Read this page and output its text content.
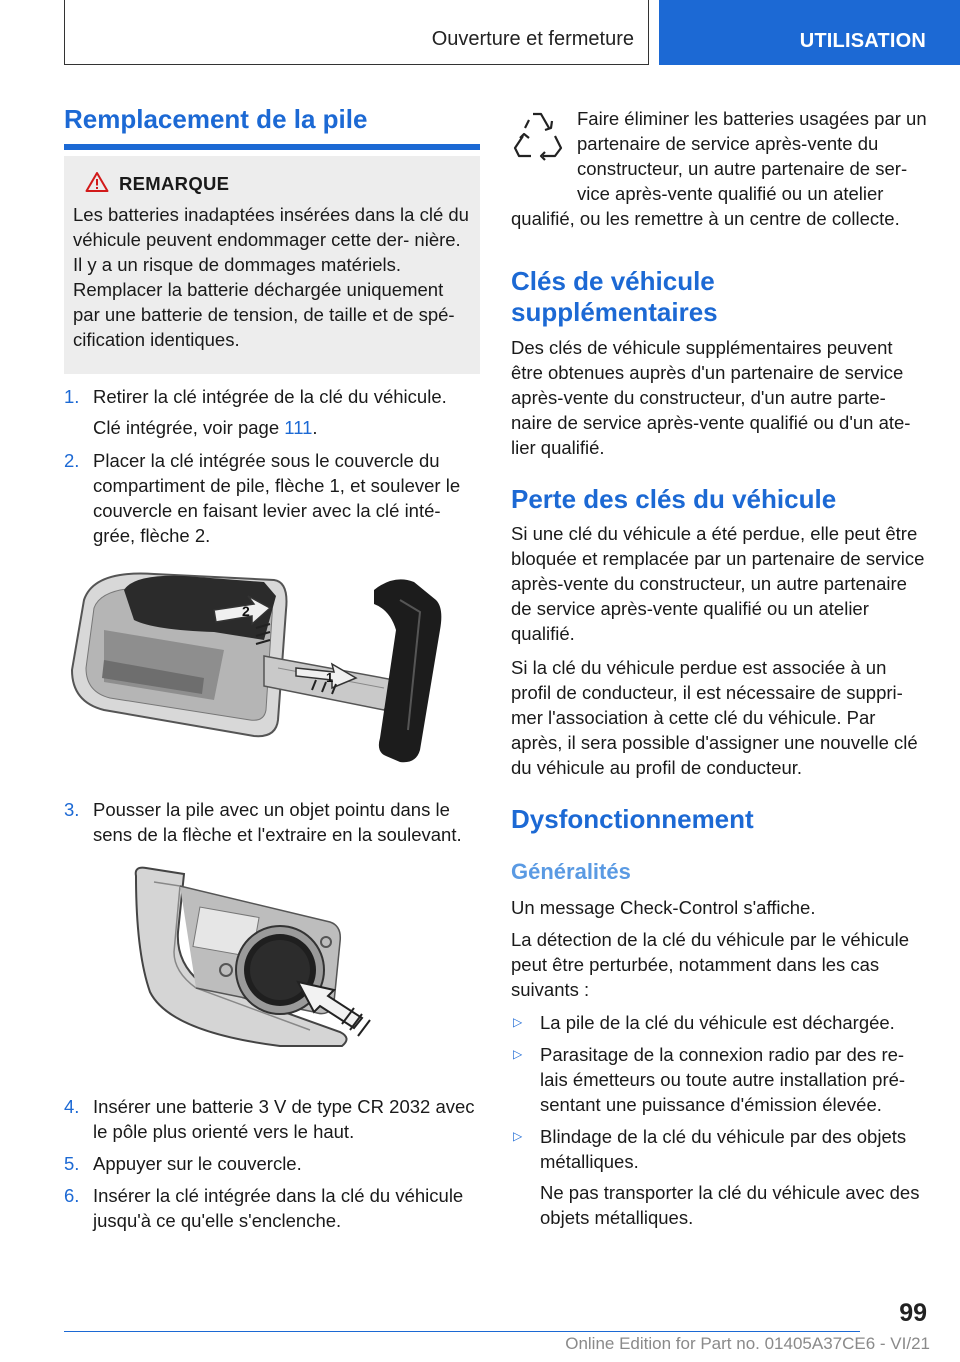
Ouverture et fermeture	UTILISATION
Remplacement de la pile
REMARQUE
Les batteries inadaptées insérées dans la clé du véhicule peuvent endommager cette der- nière. Il y a un risque de dommages matériels. Remplacer la batterie déchargée uniquement par une batterie de tension, de taille et de spé- cification identiques.
1. Retirer la clé intégrée de la clé du véhicule.
Clé intégrée, voir page 111.
2. Placer la clé intégrée sous le couvercle du compartiment de pile, flèche 1, et soulever le couvercle en faisant levier avec la clé inté- grée, flèche 2.
2
1
3. Pousser la pile avec un objet pointu dans le sens de la flèche et l'extraire en la soulevant.
4. Insérer une batterie 3 V de type CR 2032 avec le pôle plus orienté vers le haut.
5. Appuyer sur le couvercle.
6. Insérer la clé intégrée dans la clé du véhicule jusqu'à ce qu'elle s'enclenche.
Faire éliminer les batteries usagées par un partenaire de service après-vente du constructeur, un autre partenaire de ser- vice après-vente qualifié ou un atelier qualifié, ou les remettre à un centre de collecte.
Clés de véhicule
supplémentaires
Des clés de véhicule supplémentaires peuvent être obtenues auprès d'un partenaire de service après-vente du constructeur, d'un autre parte- naire de service après-vente qualifié ou d'un ate- lier qualifié.
Perte des clés du véhicule
Si une clé du véhicule a été perdue, elle peut être bloquée et remplacée par un partenaire de service après-vente du constructeur, un autre partenaire de service après-vente qualifié ou un atelier qualifié.
Si la clé du véhicule perdue est associée à un profil de conducteur, il est nécessaire de suppri- mer l'association à cette clé du véhicule. Par après, il sera possible d'assigner une nouvelle clé du véhicule au profil de conducteur.
Dysfonctionnement
Généralités
Un message Check-Control s'affiche.
La détection de la clé du véhicule par le véhicule peut être perturbée, notamment dans les cas suivants :
▷ La pile de la clé du véhicule est déchargée.
▷ Parasitage de la connexion radio par des re- lais émetteurs ou toute autre installation pré- sentant une puissance d'émission élevée.
▷ Blindage de la clé du véhicule par des objets métalliques.
Ne pas transporter la clé du véhicule avec des objets métalliques.
99
Online Edition for Part no. 01405A37CE6 - VI/21
